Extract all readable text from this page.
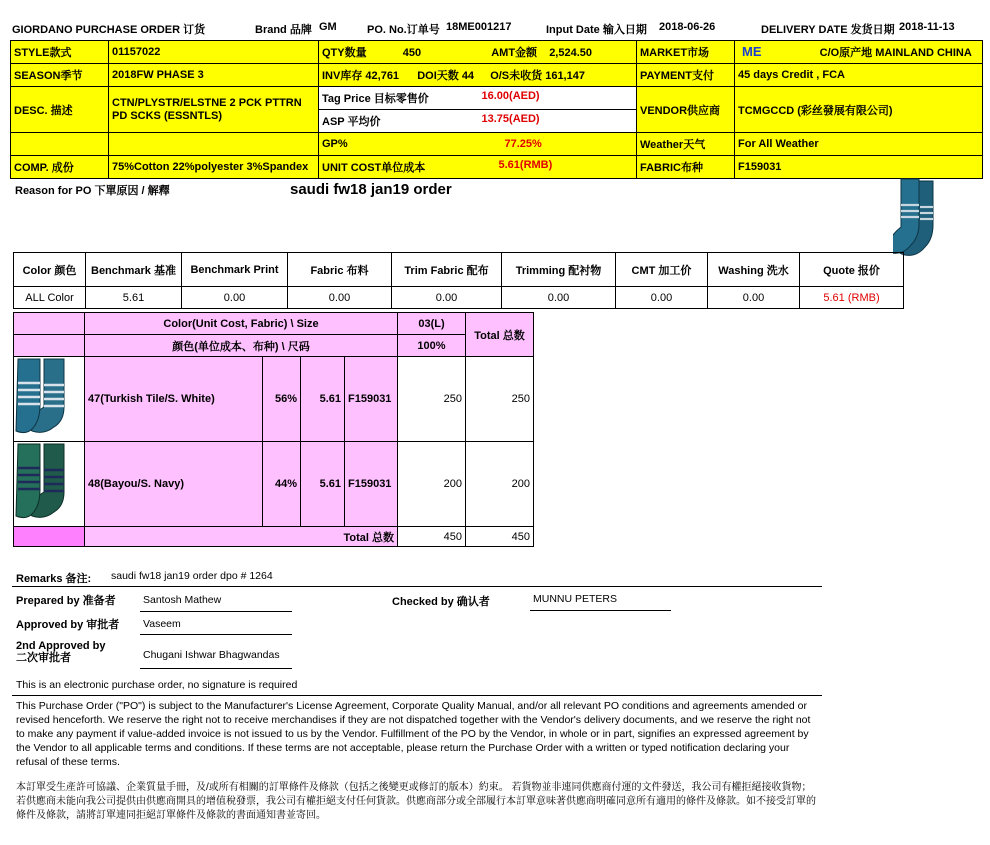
GIORDANO PURCHASE ORDER 订货	Brand 品牌 GM	PO. No.订单号 18ME001217	Input Date 输入日期 2018-06-26	DELIVERY DATE 发货日期 2018-11-13
STYLE款式	01157022	QTY数量 450 AMT金额 2,524.50	MARKET市场	ME C/O原产地 MAINLAND CHINA
SEASON季节	2018FW PHASE 3	INV库存 42,761 DOI天数 44 O/S未收货 161,147	PAYMENT支付	45 days Credit , FCA
DESC. 描述	CTN/PLYSTR/ELSTNE 2 PCK PTTRN PD SCKS (ESSNTLS)	Tag Price 目标零售价 16.00(AED)	VENDOR供应商	TCMGCCD (彩丝發展有限公司)
		ASP 平均价 13.75(AED)		

		GP% 77.25%	Weather天气	For All Weather
COMP. 成份	75%Cotton 22%polyester 3%Spandex	UNIT COST单位成本 5.61(RMB)	FABRIC布种	F159031
Reason for PO 下單原因 / 解釋	saudi fw18 jan19 order
Color 颜色	Benchmark 基准	Benchmark Print	Fabric 布料	Trim Fabric 配布	Trimming 配衬物	CMT 加工价	Washing 洗水	Quote 报价
ALL Color	5.61	0.00	0.00	0.00	0.00	0.00	0.00	5.61 (RMB)
	Color(Unit Cost, Fabric) \ Size				03(L)	Total 总数
	颜色(单位成本、布种) \ 尺码				100%	
	47(Turkish Tile/S. White)	56%	5.61	F159031	250	250
	48(Bayou/S. Navy)	44%	5.61	F159031	200	200
	Total 总数				450	450
Remarks 备注: saudi fw18 jan19 order dpo # 1264
Prepared by 准备者	Santosh Mathew	Checked by 确认者	MUNNU PETERS
Approved by 审批者 Vaseem
2nd Approved by
二次审批者	Chugani Ishwar Bhagwandas
This is an electronic purchase order, no signature is required
This Purchase Order ("PO") is subject to the Manufacturer's License Agreement, Corporate Quality Manual, and/or all relevant PO conditions and agreements amended or revised henceforth. We reserve the right not to receive merchandises if they are not dispatched together with the Vendor's delivery documents, and we reserve the right not to make any payment if value-added invoice is not issued to us by the Vendor. Fulfillment of the PO by the Vendor, in whole or in part, signifies an expressed agreement by the Vendor to all applicable terms and conditions. If these terms are not acceptable, please return the Purchase Order with a written or typed notification declaring your refusal of these terms.
本訂單受生產許可協議、企業質量手冊，及/或所有相關的訂單條件及條款（包括之後變更或修訂的版本）約束。 若貨物並非連同供應商付運的文件發送，我公司有權拒絕接收貨物；若供應商未能向我公司提供由供應商開具的增值稅發票，我公司有權拒絕支付任何貨款。供應商部分或全部履行本訂單意味著供應商明確同意所有適用的條件及條款。如不接受訂單的條件及條款，請將訂單連同拒絕訂單條件及條款的書面通知書並寄回。
